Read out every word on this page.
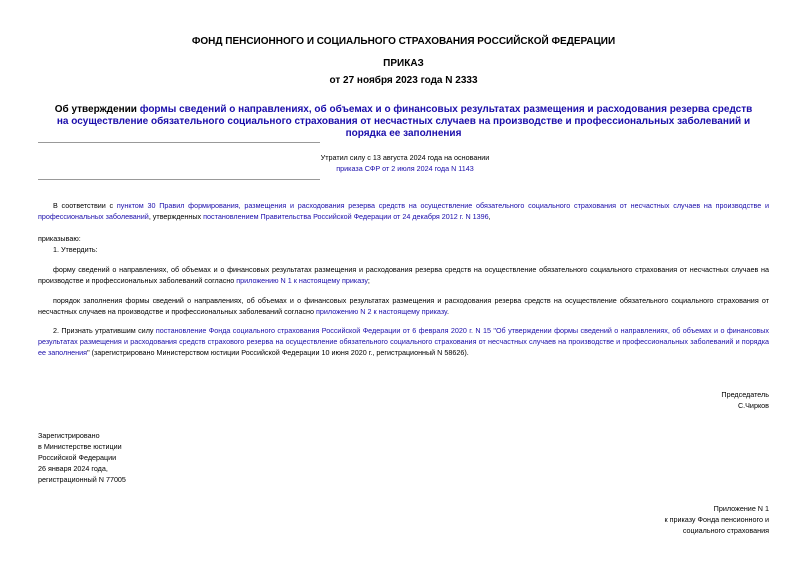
ФОНД ПЕНСИОННОГО И СОЦИАЛЬНОГО СТРАХОВАНИЯ РОССИЙСКОЙ ФЕДЕРАЦИИ
ПРИКАЗ
от 27 ноября 2023 года N 2333
Об утверждении формы сведений о направлениях, об объемах и о финансовых результатах размещения и расходования резерва средств на осуществление обязательного социального страхования от несчастных случаев на производстве и профессиональных заболеваний и порядка ее заполнения
Утратил силу с 13 августа 2024 года на основании
приказа СФР от 2 июля 2024 года N 1143
В соответствии с пунктом 30 Правил формирования, размещения и расходования резерва средств на осуществление обязательного социального страхования от несчастных случаев на производстве и профессиональных заболеваний, утвержденных постановлением Правительства Российской Федерации от 24 декабря 2012 г. N 1396,
приказываю:
1. Утвердить:
форму сведений о направлениях, об объемах и о финансовых результатах размещения и расходования резерва средств на осуществление обязательного социального страхования от несчастных случаев на производстве и профессиональных заболеваний согласно приложению N 1 к настоящему приказу;
порядок заполнения формы сведений о направлениях, об объемах и о финансовых результатах размещения и расходования резерва средств на осуществление обязательного социального страхования от несчастных случаев на производстве и профессиональных заболеваний согласно приложению N 2 к настоящему приказу.
2. Признать утратившим силу постановление Фонда социального страхования Российской Федерации от 6 февраля 2020 г. N 15 "Об утверждении формы сведений о направлениях, об объемах и о финансовых результатах размещения и расходования средств страхового резерва на осуществление обязательного социального страхования от несчастных случаев на производстве и профессиональных заболеваний и порядка ее заполнения" (зарегистрировано Министерством юстиции Российской Федерации 10 июня 2020 г., регистрационный N 58626).
Председатель
С.Чирков
Зарегистрировано
в Министерстве юстиции
Российской Федерации
26 января 2024 года,
регистрационный N 77005
Приложение N 1
к приказу Фонда пенсионного и
социального страхования
